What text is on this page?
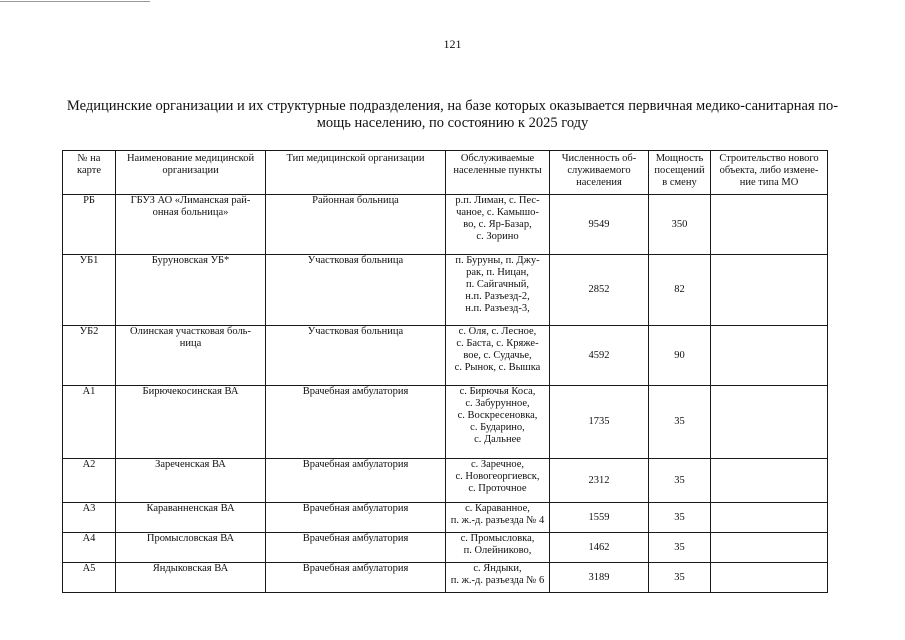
121
Медицинские организации и их структурные подразделения, на базе которых оказывается первичная медико-санитарная по-
мощь населению, по состоянию к 2025 году
№ на
карте	Наименование медицинской
организации	Тип медицинской организации	Обслуживаемые
населенные пункты	Численность об-
служиваемого
населения	Мощность
посещений
в смену	Строительство нового
объекта, либо измене-
ние типа МО

РБ	ГБУЗ АО «Лиманская рай-
онная больница»	Районная больница	р.п. Лиман, с. Пес-
чаное, с. Камышо-
во, с. Яр-Базар,
с. Зорино	9549	350	
УБ1	Буруновская УБ*	Участковая больница	п. Буруны, п. Джу-
рак, п. Ницан,
п. Сайгачный,
н.п. Разъезд-2,
н.п. Разъезд-3,	2852	82	
УБ2	Олинская участковая боль-
ница	Участковая больница	с. Оля, с. Лесное,
с. Баста, с. Кряже-
вое, с. Судачье,
с. Рынок, с. Вышка	4592	90	
А1	Бирючекосинская ВА	Врачебная амбулатория	с. Бирючья Коса,
с. Забурунное,
с. Воскресеновка,
с. Бударино,
с. Дальнее	1735	35	
А2	Зареченская ВА	Врачебная амбулатория	с. Заречное,
с. Новогеоргиевск,
с. Проточное	2312	35	
А3	Караванненская ВА	Врачебная амбулатория	с. Караванное,
п. ж.-д. разъезда № 4	1559	35	
А4	Промысловская ВА	Врачебная амбулатория	с. Промысловка,
п. Олейниково,	1462	35	
А5	Яндыковская ВА	Врачебная амбулатория	с. Яндыки,
п. ж.-д. разъезда № 6	3189	35	
